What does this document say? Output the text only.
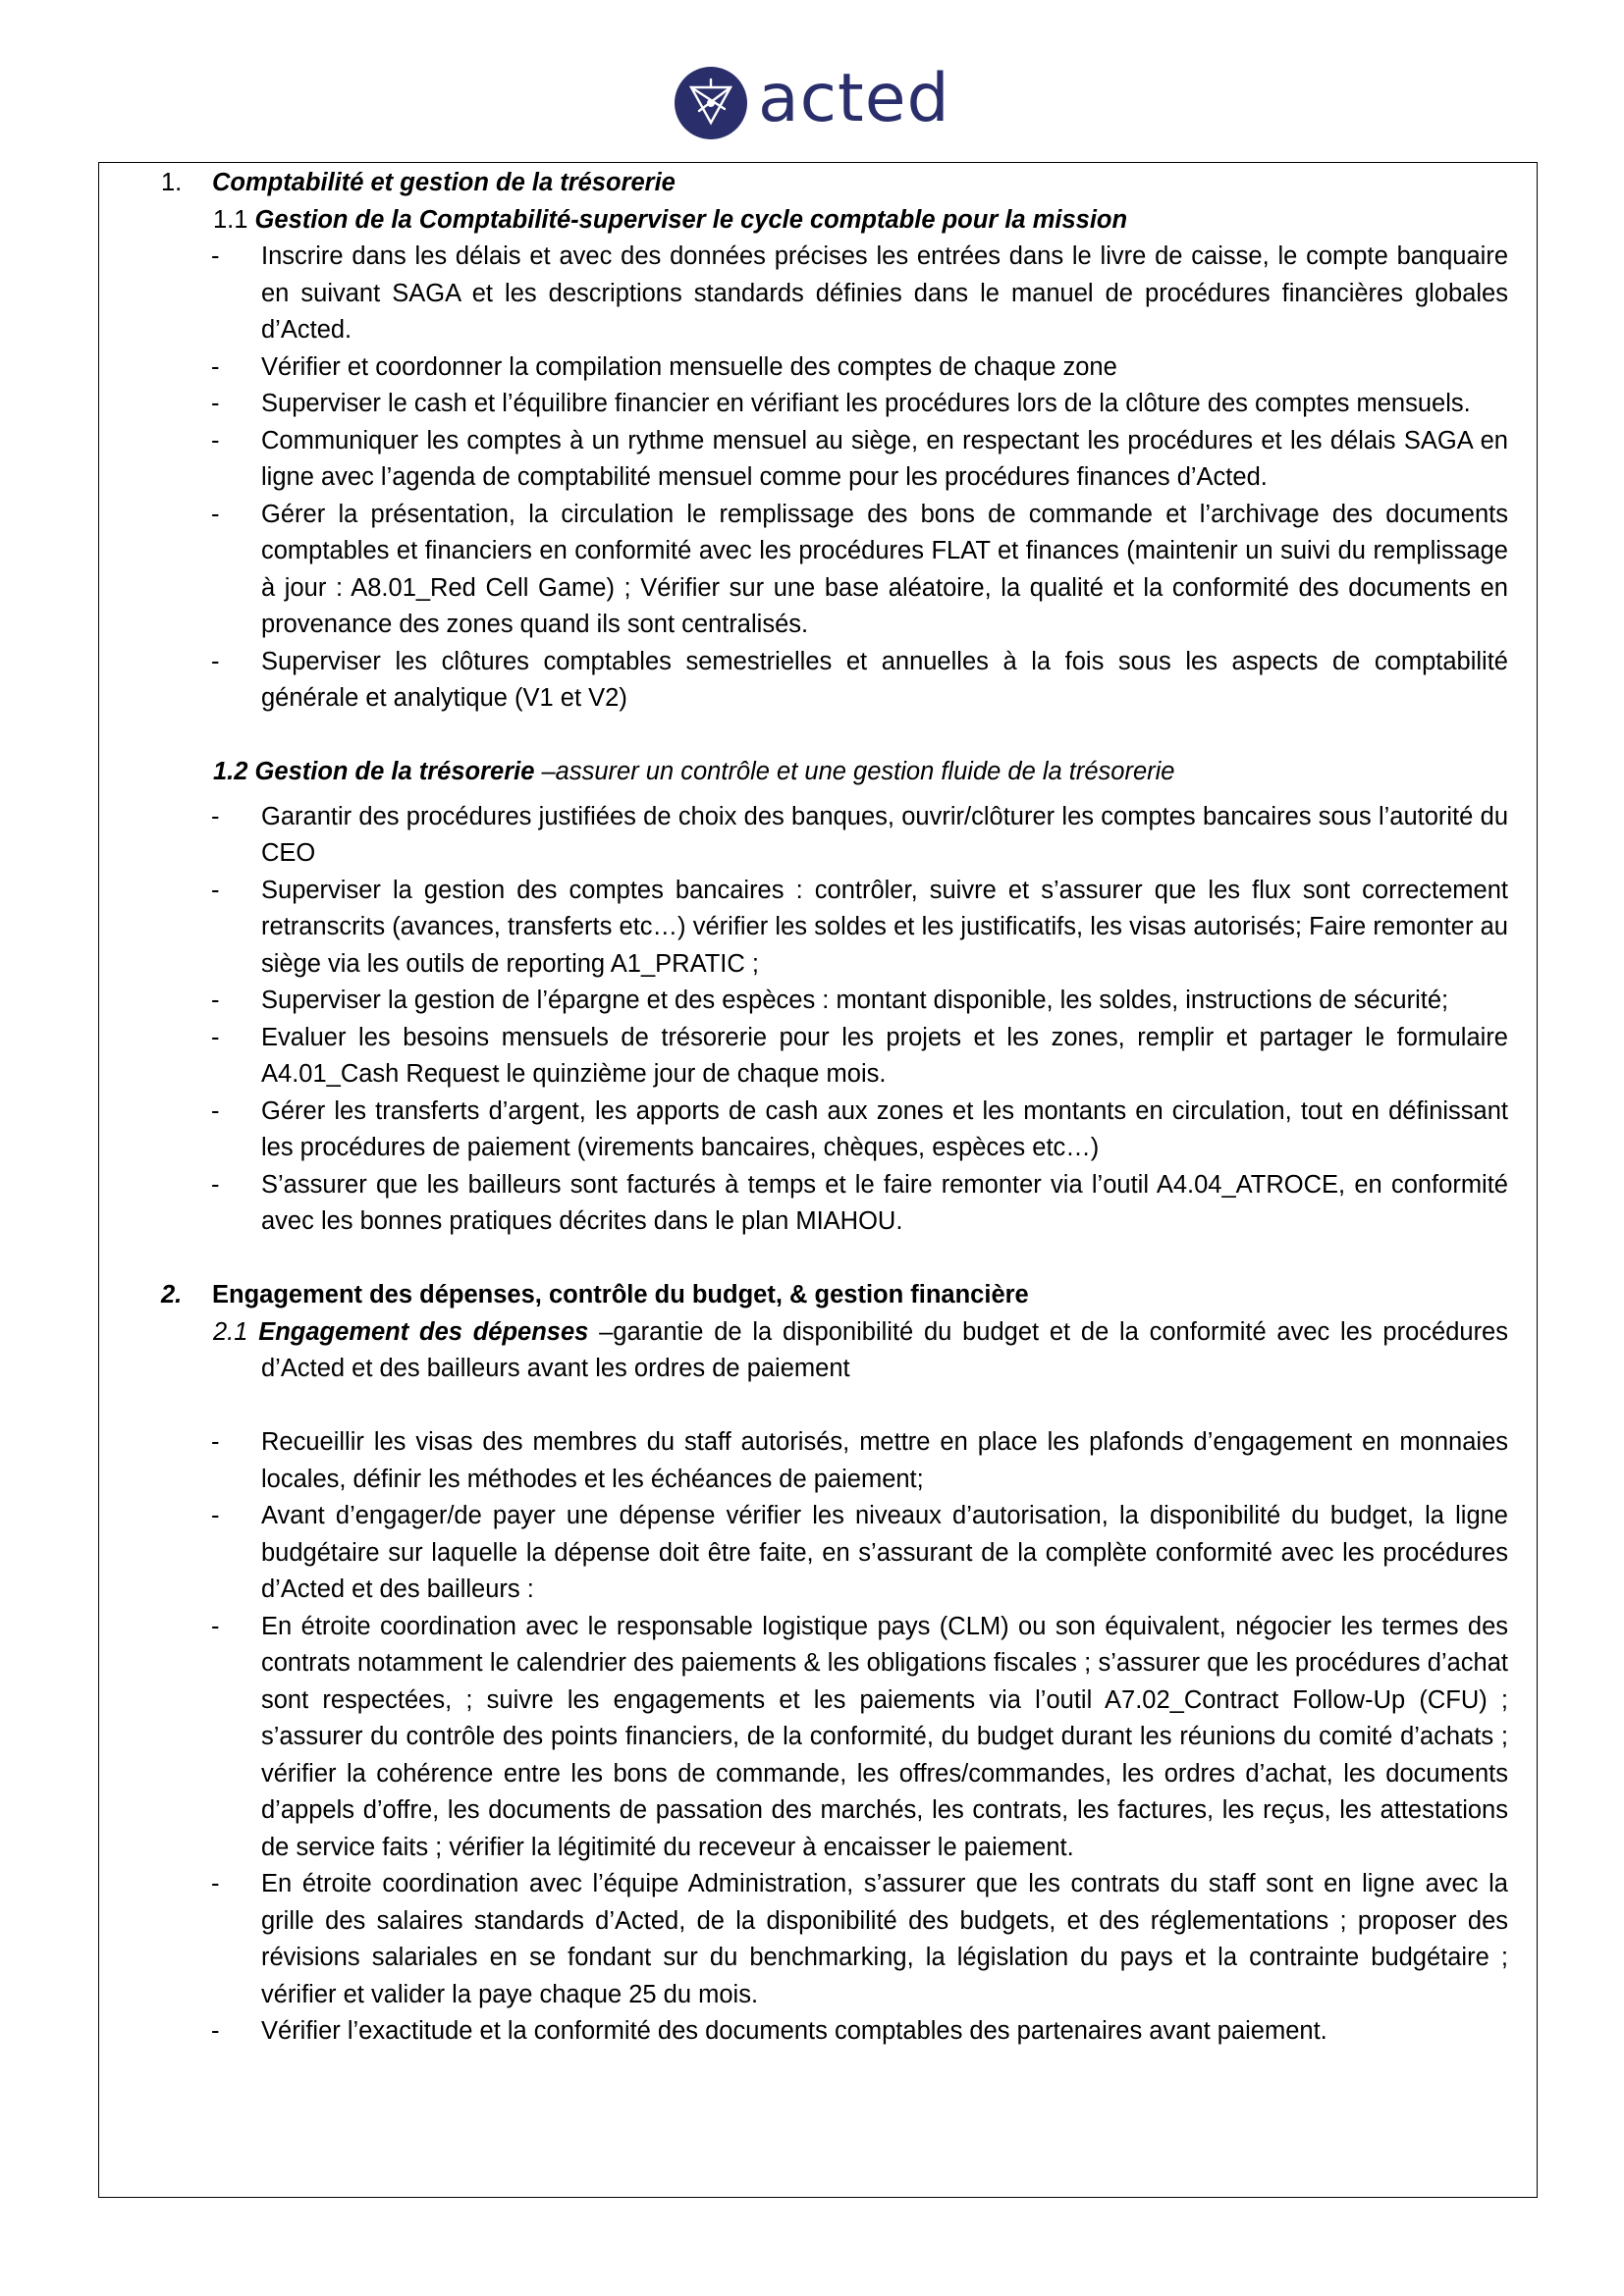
acted
1. Comptabilité et gestion de la trésorerie
1.1 Gestion de la Comptabilité-superviser le cycle comptable pour la mission
- Inscrire dans les délais et avec des données précises les entrées dans le livre de caisse, le compte banquaire en suivant SAGA et les descriptions standards définies dans le manuel de procédures financières globales d’Acted.
- Vérifier et coordonner la compilation mensuelle des comptes de chaque zone
- Superviser le cash et l’équilibre financier en vérifiant les procédures lors de la clôture des comptes mensuels.
- Communiquer les comptes à un rythme mensuel au siège, en respectant les procédures et les délais SAGA en ligne avec l’agenda de comptabilité mensuel comme pour les procédures finances d’Acted.
- Gérer la présentation, la circulation le remplissage des bons de commande et l’archivage des documents comptables et financiers en conformité avec les procédures FLAT et finances (maintenir un suivi du remplissage à jour : A8.01_Red Cell Game) ; Vérifier sur une base aléatoire, la qualité et la conformité des documents en provenance des zones quand ils sont centralisés.
- Superviser les clôtures comptables semestrielles et annuelles à la fois sous les aspects de comptabilité générale et analytique (V1 et V2)
1.2 Gestion de la trésorerie –assurer un contrôle et une gestion fluide de la trésorerie
- Garantir des procédures justifiées de choix des banques, ouvrir/clôturer les comptes bancaires sous l’autorité du CEO
- Superviser la gestion des comptes bancaires : contrôler, suivre et s’assurer que les flux sont correctement retranscrits (avances, transferts etc…) vérifier les soldes et les justificatifs, les visas autorisés; Faire remonter au siège via les outils de reporting A1_PRATIC ;
- Superviser la gestion de l’épargne et des espèces : montant disponible, les soldes, instructions de sécurité;
- Evaluer les besoins mensuels de trésorerie pour les projets et les zones, remplir et partager le formulaire A4.01_Cash Request le quinzième jour de chaque mois.
- Gérer les transferts d’argent, les apports de cash aux zones et les montants en circulation, tout en définissant les procédures de paiement (virements bancaires, chèques, espèces etc…)
- S’assurer que les bailleurs sont facturés à temps et le faire remonter via l’outil A4.04_ATROCE, en conformité avec les bonnes pratiques décrites dans le plan MIAHOU.
2. Engagement des dépenses, contrôle du budget, & gestion financière
2.1 Engagement des dépenses –garantie de la disponibilité du budget et de la conformité avec les procédures d’Acted et des bailleurs avant les ordres de paiement
- Recueillir les visas des membres du staff autorisés, mettre en place les plafonds d’engagement en monnaies locales, définir les méthodes et les échéances de paiement;
- Avant d’engager/de payer une dépense vérifier les niveaux d’autorisation, la disponibilité du budget, la ligne budgétaire sur laquelle la dépense doit être faite, en s’assurant de la complète conformité avec les procédures d’Acted et des bailleurs :
- En étroite coordination avec le responsable logistique pays (CLM) ou son équivalent, négocier les termes des contrats notamment le calendrier des paiements & les obligations fiscales ; s’assurer que les procédures d’achat sont respectées, ; suivre les engagements et les paiements via l’outil A7.02_Contract Follow-Up (CFU) ; s’assurer du contrôle des points financiers, de la conformité, du budget durant les réunions du comité d’achats ; vérifier la cohérence entre les bons de commande, les offres/commandes, les ordres d’achat, les documents d’appels d’offre, les documents de passation des marchés, les contrats, les factures, les reçus, les attestations de service faits ; vérifier la légitimité du receveur à encaisser le paiement.
- En étroite coordination avec l’équipe Administration, s’assurer que les contrats du staff sont en ligne avec la grille des salaires standards d’Acted, de la disponibilité des budgets, et des réglementations ; proposer des révisions salariales en se fondant sur du benchmarking, la législation du pays et la contrainte budgétaire ; vérifier et valider la paye chaque 25 du mois.
- Vérifier l’exactitude et la conformité des documents comptables des partenaires avant paiement.
